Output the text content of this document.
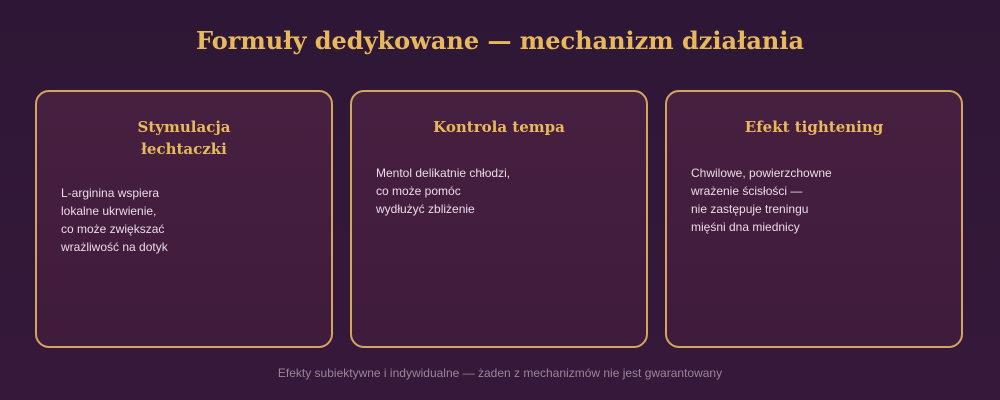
Formuły dedykowane — mechanizm działania
Stymulacja
łechtaczki
L-arginina wspiera
lokalne ukrwienie,
co może zwiększać
wrażliwość na dotyk
Kontrola tempa
Mentol delikatnie chłodzi,
co może pomóc
wydłużyć zbliżenie
Efekt tightening
Chwilowe, powierzchowne
wrażenie ścisłości —
nie zastępuje treningu
mięśni dna miednicy
Efekty subiektywne i indywidualne — żaden z mechanizmów nie jest gwarantowany
